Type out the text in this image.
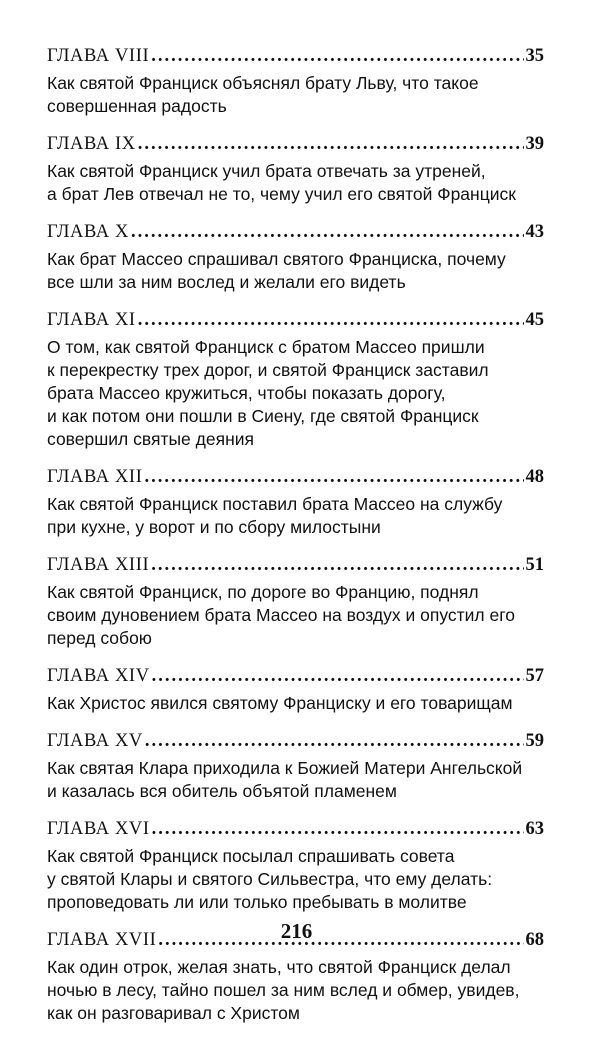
ГЛАВА VIII .....	35
Как святой Франциск объяснял брату Льву, что такое
совершенная радость
ГЛАВА IX .....	39
Как святой Франциск учил брата отвечать за утреней,
а брат Лев отвечал не то, чему учил его святой Франциск
ГЛАВА X .....	43
Как брат Массео спрашивал святого Франциска, почему
все шли за ним вослед и желали его видеть
ГЛАВА XI .....	45
О том, как святой Франциск с братом Массео пришли
к перекрестку трех дорог, и святой Франциск заставил
брата Массео кружиться, чтобы показать дорогу,
и как потом они пошли в Сиену, где святой Франциск
совершил святые деяния
ГЛАВА XII .....	48
Как святой Франциск поставил брата Массео на службу
при кухне, у ворот и по сбору милостыни
ГЛАВА XIII .....	51
Как святой Франциск, по дороге во Францию, поднял
своим дуновением брата Массео на воздух и опустил его
перед собою
ГЛАВА XIV .....	57
Как Христос явился святому Франциску и его товарищам
ГЛАВА XV .....	59
Как святая Клара приходила к Божией Матери Ангельской
и казалась вся обитель объятой пламенем
ГЛАВА XVI .....	63
Как святой Франциск посылал спрашивать совета
у святой Клары и святого Сильвестра, что ему делать:
проповедовать ли или только пребывать в молитве
ГЛАВА XVII .....	68
Как один отрок, желая знать, что святой Франциск делал
ночью в лесу, тайно пошел за ним вслед и обмер, увидев,
как он разговаривал с Христом
216
